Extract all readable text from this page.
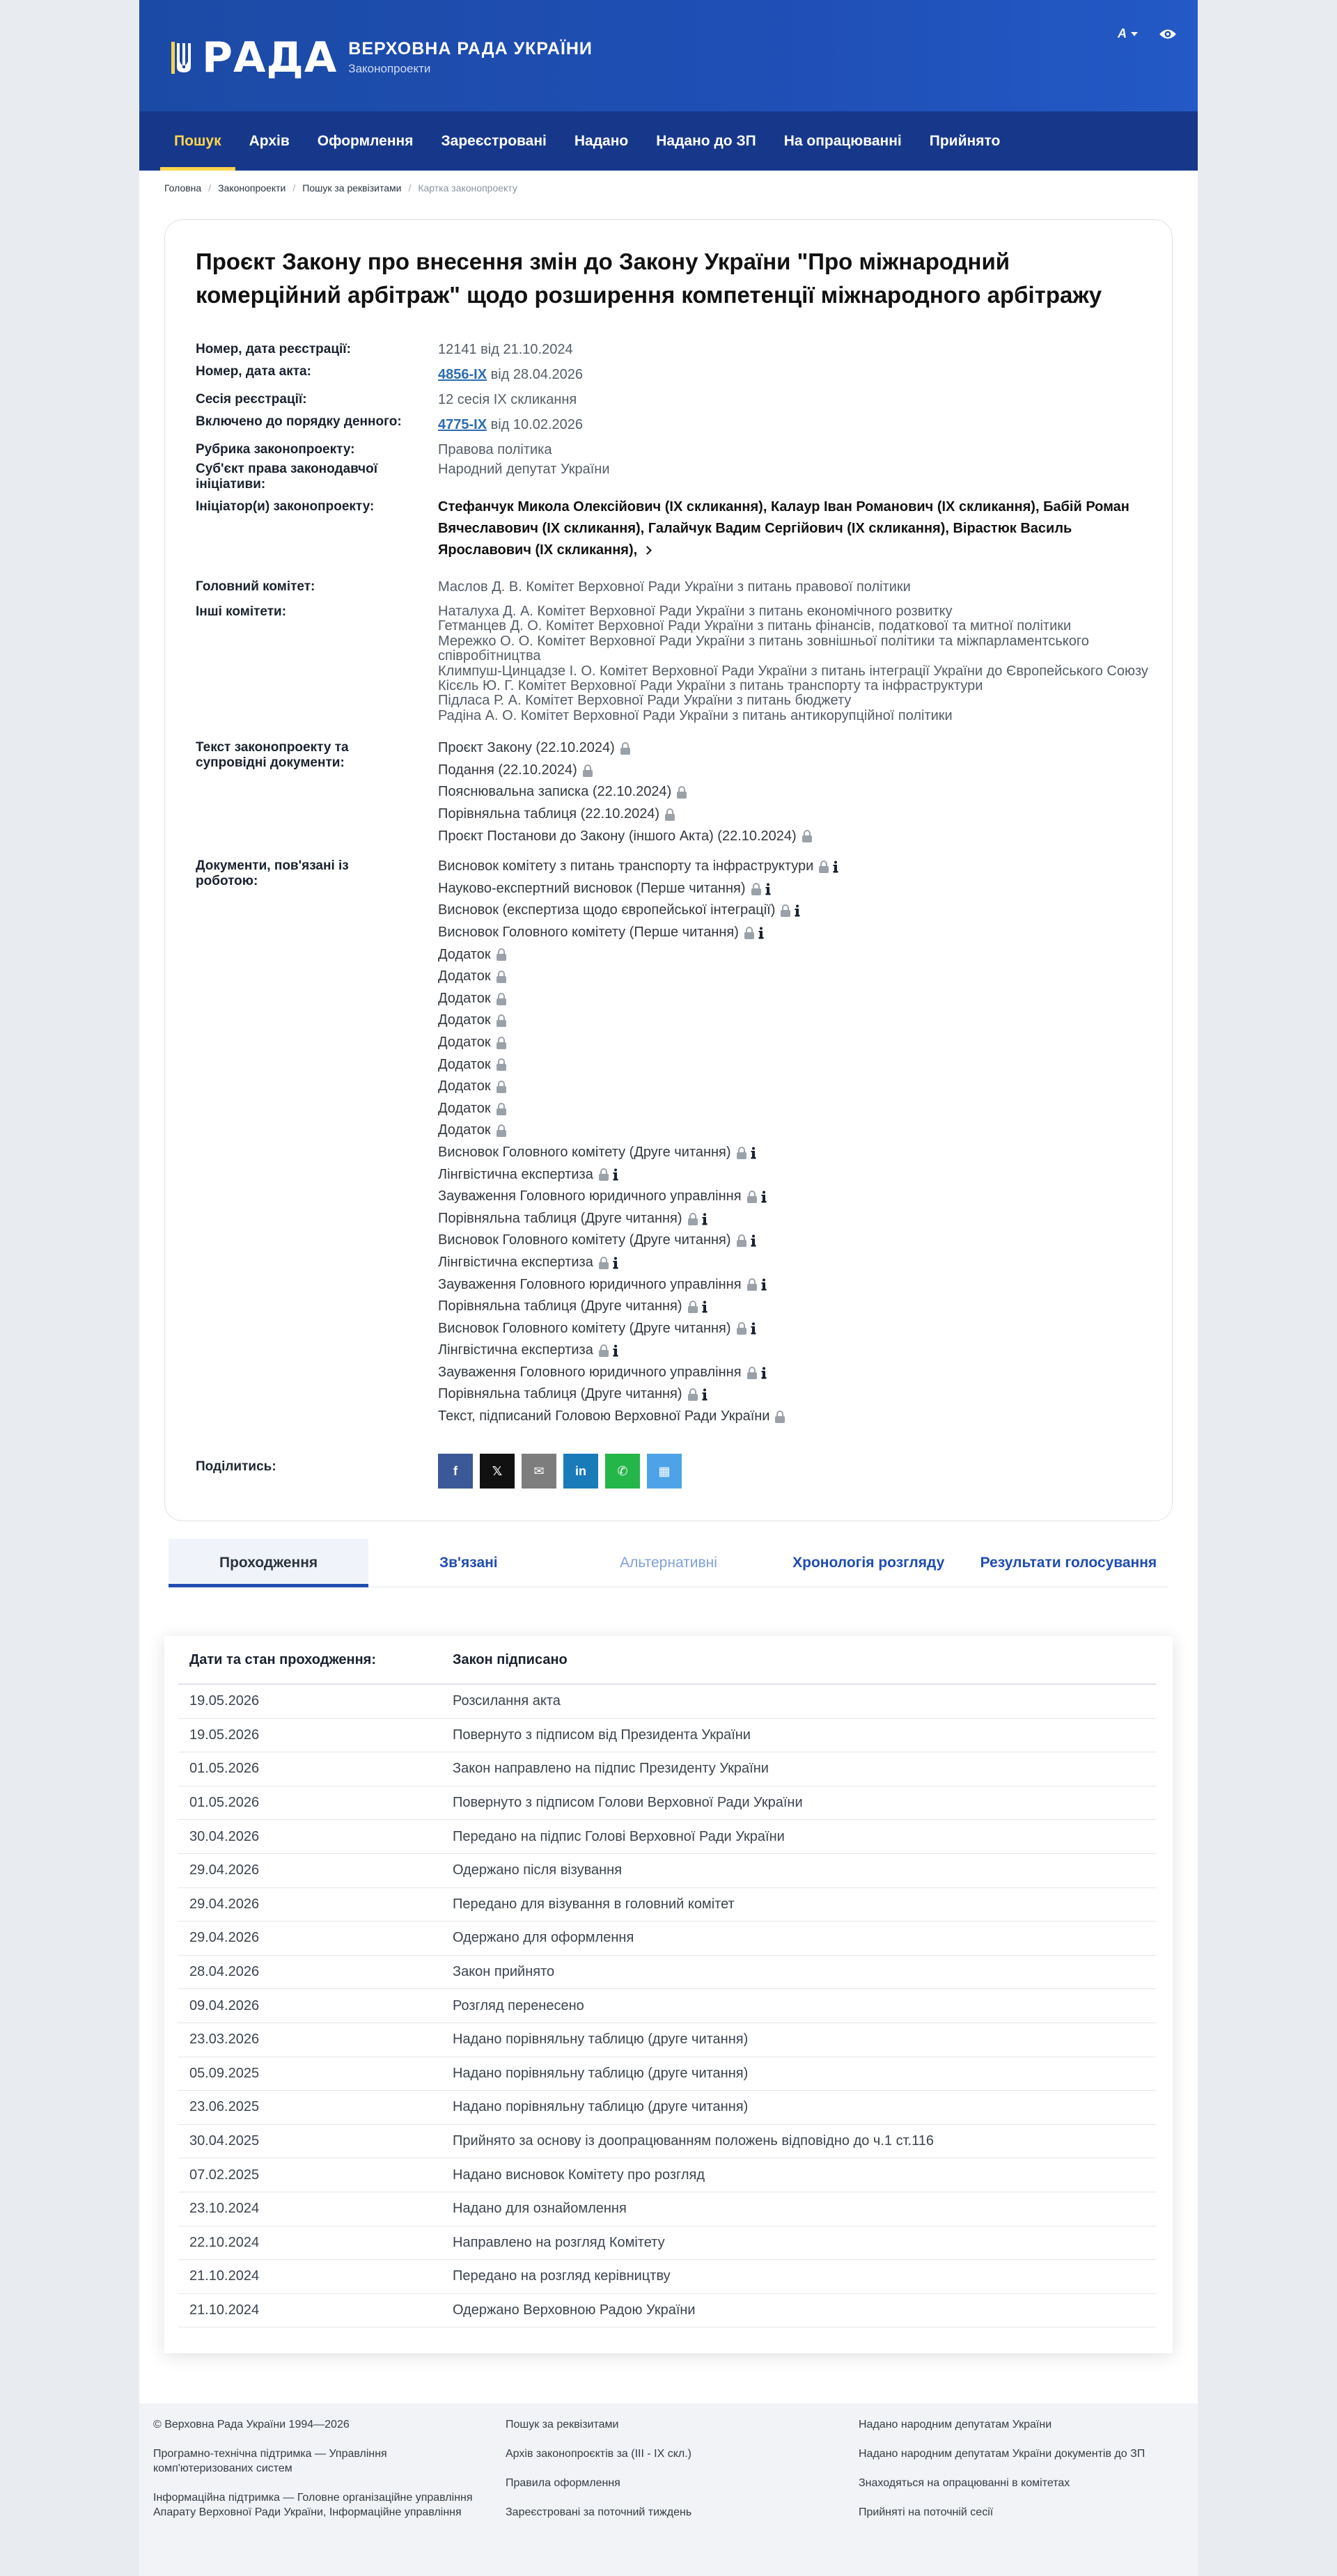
РАДА ВЕРХОВНА РАДА УКРАЇНИ
Законопроекти
A
Пошук	Архів	Оформлення	Зареєстровані	Надано	Надано до ЗП	На опрацюванні	Прийнято
Головна / Законопроекти / Пошук за реквізитами / Картка законопроекту
Проєкт Закону про внесення змін до Закону України "Про міжнародний комерційний арбітраж" щодо розширення компетенції міжнародного арбітражу
Номер, дата реєстрації:	12141 від 21.10.2024
Номер, дата акта:	4856-IX від 28.04.2026
Сесія реєстрації:	12 сесія IX скликання
Включено до порядку денного:	4775-IX від 10.02.2026
Рубрика законопроекту:	Правова політика
Суб'єкт права законодавчої ініціативи:
Народний депутат України
Ініціатор(и) законопроекту:	Стефанчук Микола Олексійович (IX скликання), Калаур Іван Романович (IX скликання), Бабій Роман Вячеславович (IX скликання), Галайчук Вадим Сергійович (IX скликання), Вірастюк Василь Ярославович (IX скликання),
Головний комітет:	Маслов Д. В. Комітет Верховної Ради України з питань правової політики
Інші комітети:	Наталуха Д. А. Комітет Верховної Ради України з питань економічного розвитку
Гетманцев Д. О. Комітет Верховної Ради України з питань фінансів, податкової та митної політики
Мережко О. О. Комітет Верховної Ради України з питань зовнішньої політики та міжпарламентського співробітництва
Климпуш-Цинцадзе І. О. Комітет Верховної Ради України з питань інтеграції України до Європейського Союзу
Кісєль Ю. Г. Комітет Верховної Ради України з питань транспорту та інфраструктури
Підласа Р. А. Комітет Верховної Ради України з питань бюджету
Радіна А. О. Комітет Верховної Ради України з питань антикорупційної політики
Текст законопроекту та супровідні документи:
Проєкт Закону (22.10.2024)
Подання (22.10.2024)
Пояснювальна записка (22.10.2024)
Порівняльна таблиця (22.10.2024)
Проєкт Постанови до Закону (іншого Акта) (22.10.2024)
Документи, пов'язані із роботою:
Висновок комітету з питань транспорту та інфраструктури
Науково-експертний висновок (Перше читання)
Висновок (експертиза щодо європейської інтеграції)
Висновок Головного комітету (Перше читання)
Додаток
Додаток
Додаток
Додаток
Додаток
Додаток
Додаток
Додаток
Додаток
Висновок Головного комітету (Друге читання)
Лінгвістична експертиза
Зауваження Головного юридичного управління
Порівняльна таблиця (Друге читання)
Висновок Головного комітету (Друге читання)
Лінгвістична експертиза
Зауваження Головного юридичного управління
Порівняльна таблиця (Друге читання)
Висновок Головного комітету (Друге читання)
Лінгвістична експертиза
Зауваження Головного юридичного управління
Порівняльна таблиця (Друге читання)
Текст, підписаний Головою Верховної Ради України
Поділитись:	f	𝕏	✉ in ✆ ▦
Проходження	Зв'язані	Альтернативні	Хронологія розгляду	Результати голосування
Дати та стан проходження:	Закон підписано
19.05.2026	Розсилання акта
19.05.2026	Повернуто з підписом від Президента України
01.05.2026	Закон направлено на підпис Президенту України
01.05.2026	Повернуто з підписом Голови Верховної Ради України
30.04.2026	Передано на підпис Голові Верховної Ради України
29.04.2026	Одержано після візування
29.04.2026	Передано для візування в головний комітет
29.04.2026	Одержано для оформлення
28.04.2026	Закон прийнято
09.04.2026	Розгляд перенесено
23.03.2026	Надано порівняльну таблицю (друге читання)
05.09.2025	Надано порівняльну таблицю (друге читання)
23.06.2025	Надано порівняльну таблицю (друге читання)
30.04.2025	Прийнято за основу із доопрацюванням положень відповідно до ч.1 ст.116
07.02.2025	Надано висновок Комітету про розгляд
23.10.2024	Надано для ознайомлення
22.10.2024	Направлено на розгляд Комітету
21.10.2024	Передано на розгляд керівництву
21.10.2024	Одержано Верховною Радою України
© Верховна Рада України 1994—2026
Програмно-технічна підтримка — Управління комп'ютеризованих систем
Інформаційна підтримка — Головне організаційне управління Апарату Верховної Ради України, Інформаційне управління
Пошук за реквізитами
Архів законопроєктів за (III - IX скл.)
Правила оформлення
Зареєстровані за поточний тиждень
Надано народним депутатам України
Надано народним депутатам України документів до ЗП
Знаходяться на опрацюванні в комітетах
Прийняті на поточній сесії
